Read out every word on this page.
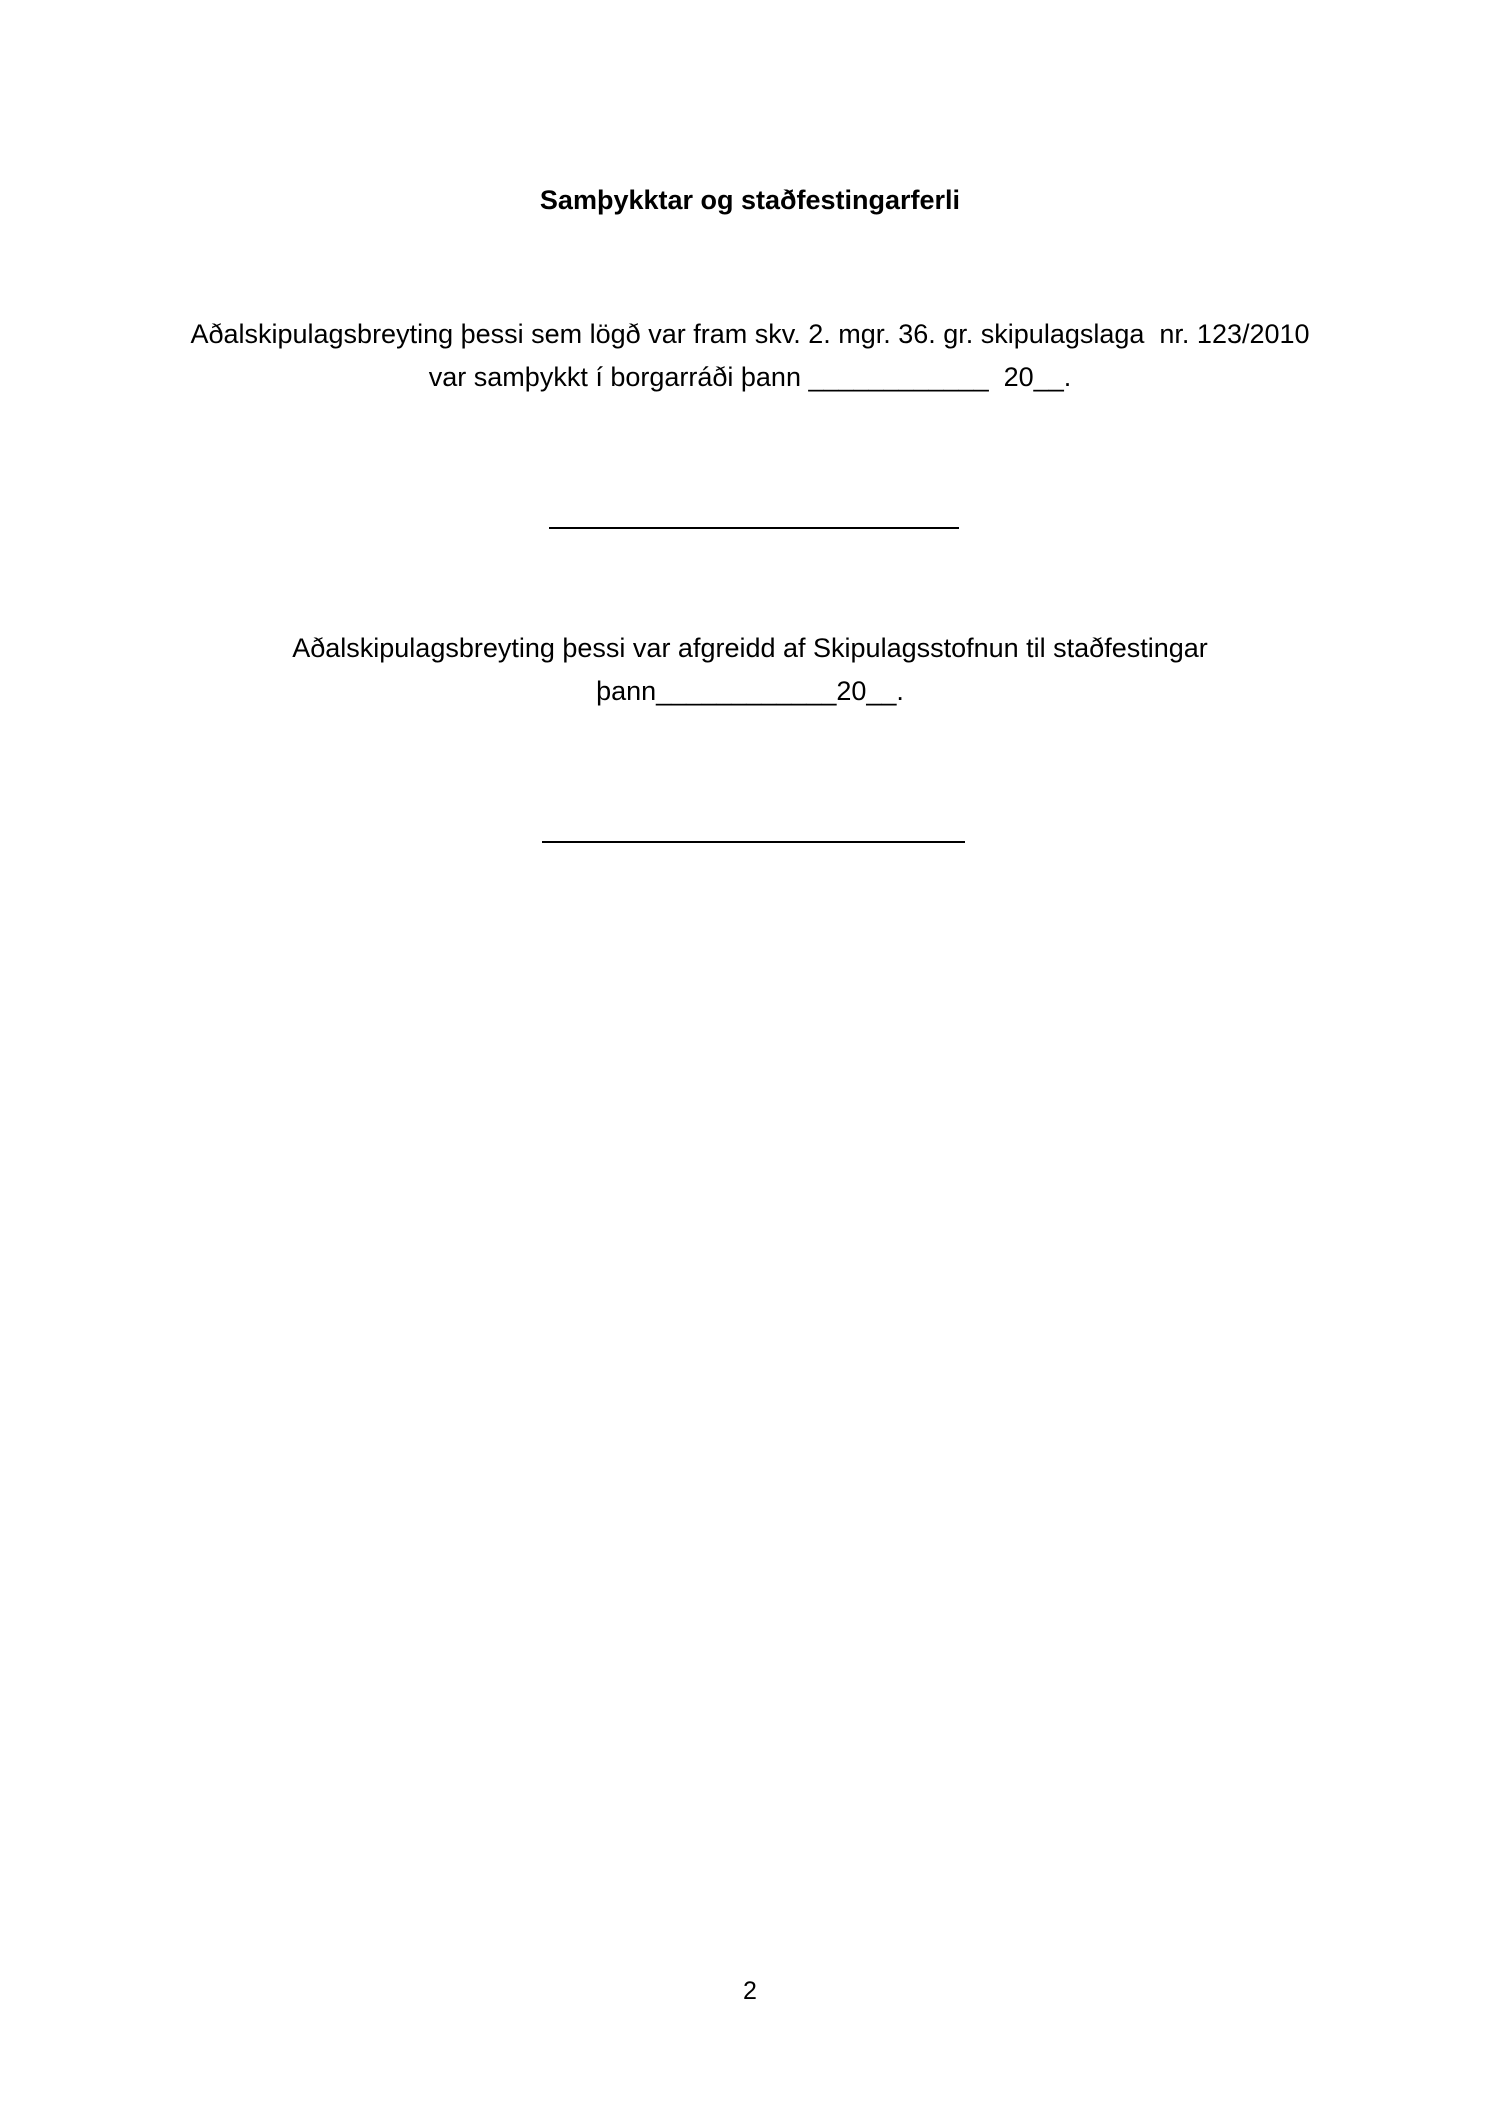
Samþykktar og staðfestingarferli
Aðalskipulagsbreyting þessi sem lögð var fram skv. 2. mgr. 36. gr. skipulagslaga  nr. 123/2010
var samþykkt í borgarráði þann ____________  20__.
Aðalskipulagsbreyting þessi var afgreidd af Skipulagsstofnun til staðfestingar
þann____________20__.
2
